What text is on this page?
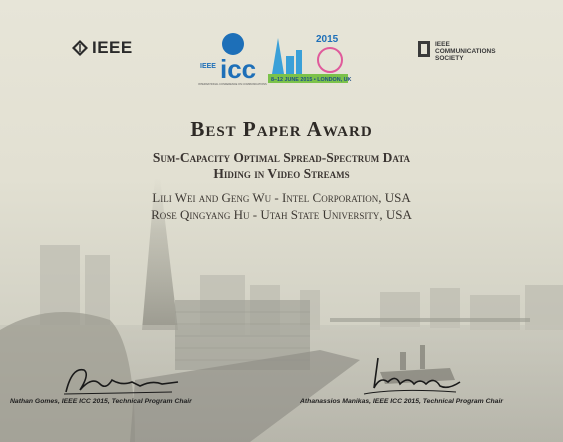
IEEE
IEEE icc
INTERNATIONAL CONFERENCE ON COMMUNICATIONS
2015
8–12 JUNE 2015 • LONDON, UK
IEEE
COMMUNICATIONS
SOCIETY
Best Paper Award
Sum-Capacity Optimal Spread-Spectrum Data
Hiding in Video Streams
Lili Wei and Geng Wu - Intel Corporation, USA
Rose Qingyang Hu - Utah State University, USA
Nathan Gomes, IEEE ICC 2015, Technical Program Chair	Athanassios Manikas, IEEE ICC 2015, Technical Program Chair
